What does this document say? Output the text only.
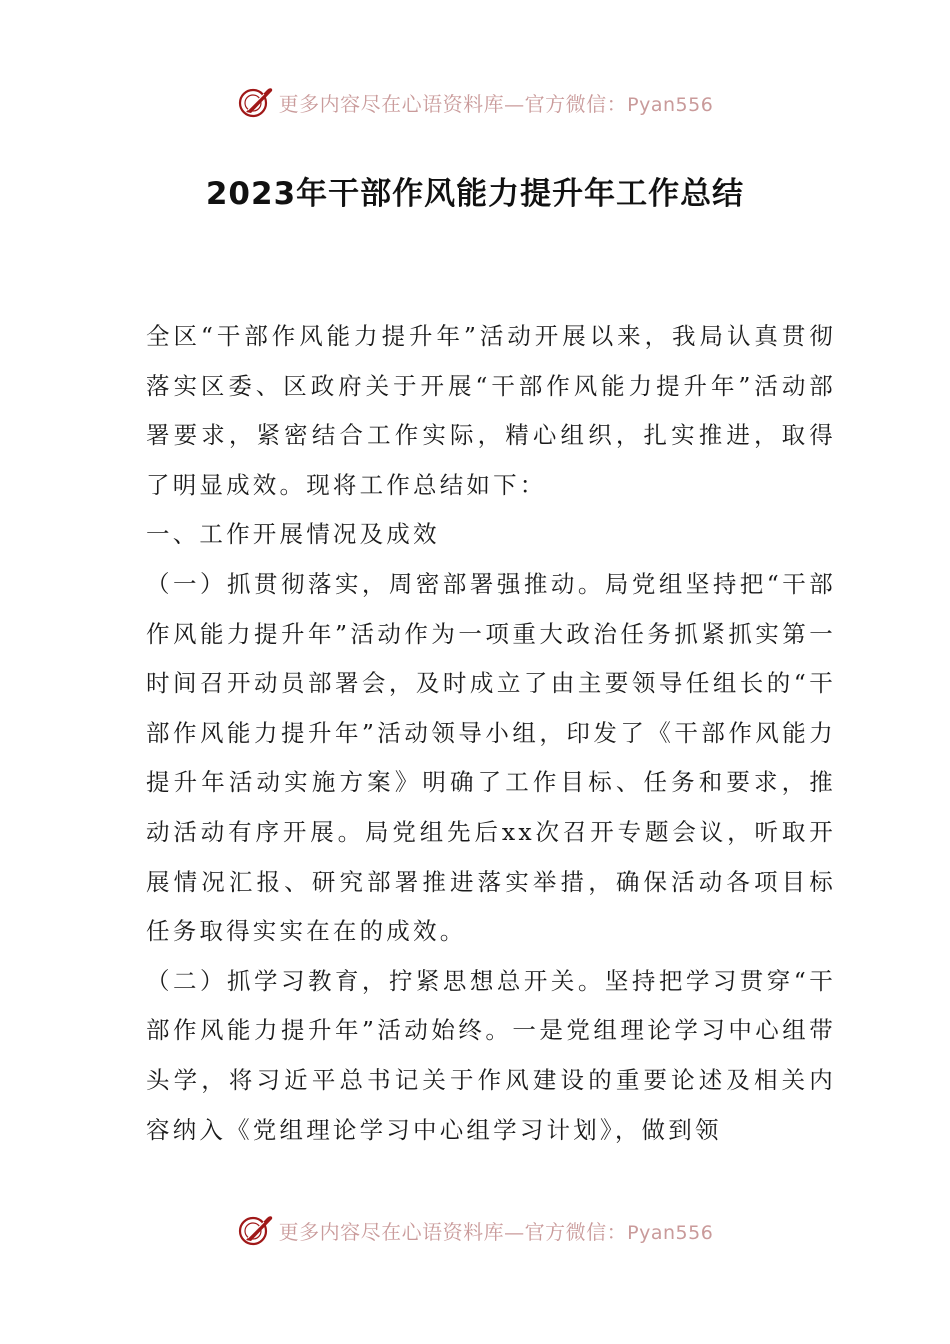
更多内容尽在心语资料库—官方微信：Pyan556
2023年干部作风能力提升年工作总结

全区“干部作风能力提升年”活动开展以来，我局认真贯彻落实区委、区政府关于开展“干部作风能力提升年”活动部署要求，紧密结合工作实际，精心组织，扎实推进，取得了明显成效。现将工作总结如下：

一、工作开展情况及成效

（一）抓贯彻落实，周密部署强推动。局党组坚持把“干部作风能力提升年”活动作为一项重大政治任务抓紧抓实第一时间召开动员部署会，及时成立了由主要领导任组长的“干部作风能力提升年”活动领导小组，印发了《干部作风能力提升年活动实施方案》明确了工作目标、任务和要求，推动活动有序开展。局党组先后xx次召开专题会议，听取开展情况汇报、研究部署推进落实举措，确保活动各项目标任务取得实实在在的成效。

（二）抓学习教育，拧紧思想总开关。坚持把学习贯穿“干部作风能力提升年”活动始终。一是党组理论学习中心组带头学，将习近平总书记关于作风建设的重要论述及相关内容纳入《党组理论学习中心组学习计划》，做到领

更多内容尽在心语资料库—官方微信：Pyan556
